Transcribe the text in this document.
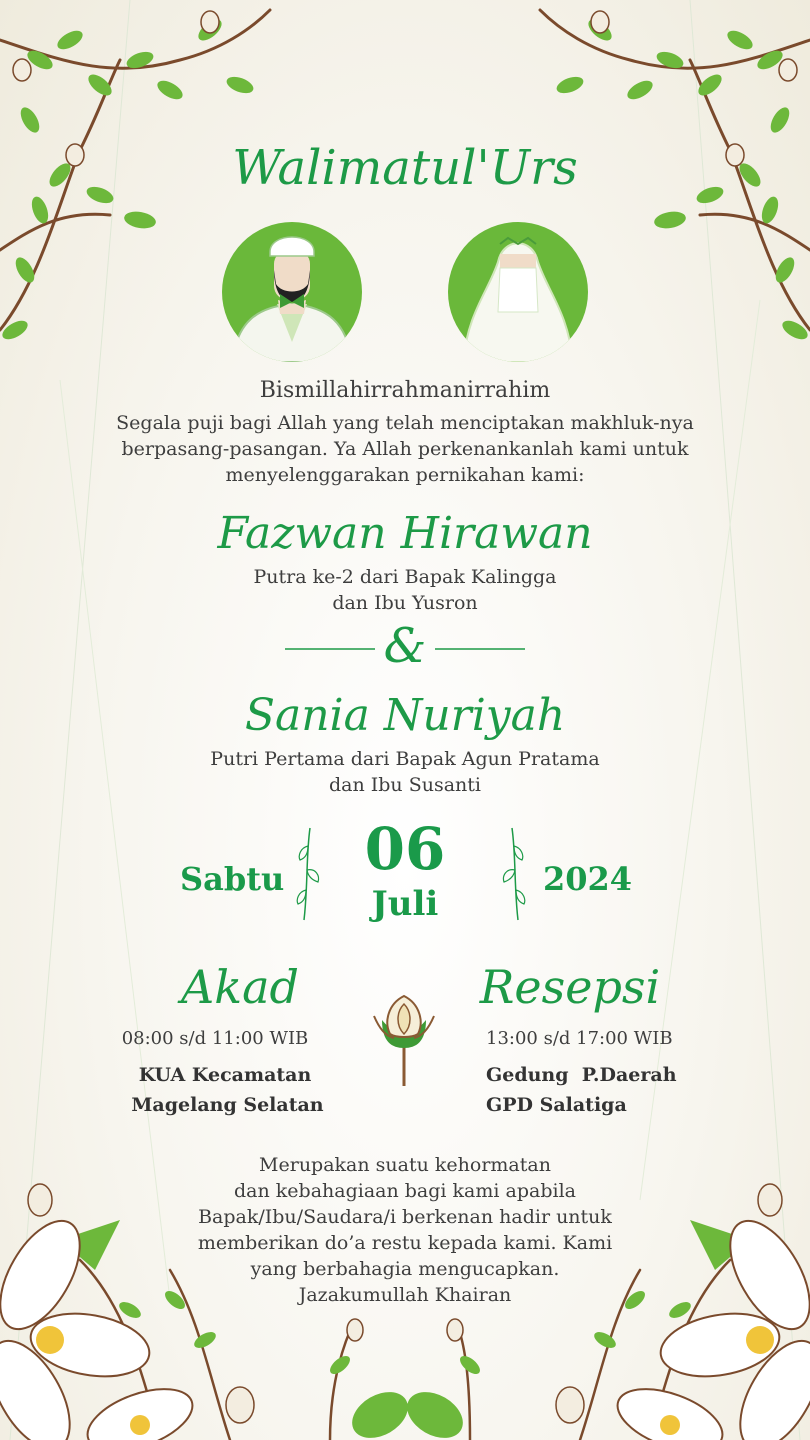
Walimatul'Urs
Bismillahirrahmanirrahim
Segala puji bagi Allah yang telah menciptakan makhluk-nya
berpasang-pasangan. Ya Allah perkenankanlah kami untuk
menyelenggarakan pernikahan kami:
Fazwan Hirawan
Putra ke-2 dari Bapak Kalingga
dan Ibu Yusron
&
Sania Nuriyah
Putri Pertama dari Bapak Agun Pratama
dan Ibu Susanti
Sabtu	06
Juli
2024
Akad
08:00 s/d 11:00 WIB
KUA Kecamatan
Magelang Selatan
Resepsi
13:00 s/d 17:00 WIB
Gedung  P.Daerah
GPD Salatiga
Merupakan suatu kehormatan
dan kebahagiaan bagi kami apabila
Bapak/Ibu/Saudara/i berkenan hadir untuk
memberikan do’a restu kepada kami. Kami
yang berbahagia mengucapkan.
Jazakumullah Khairan
